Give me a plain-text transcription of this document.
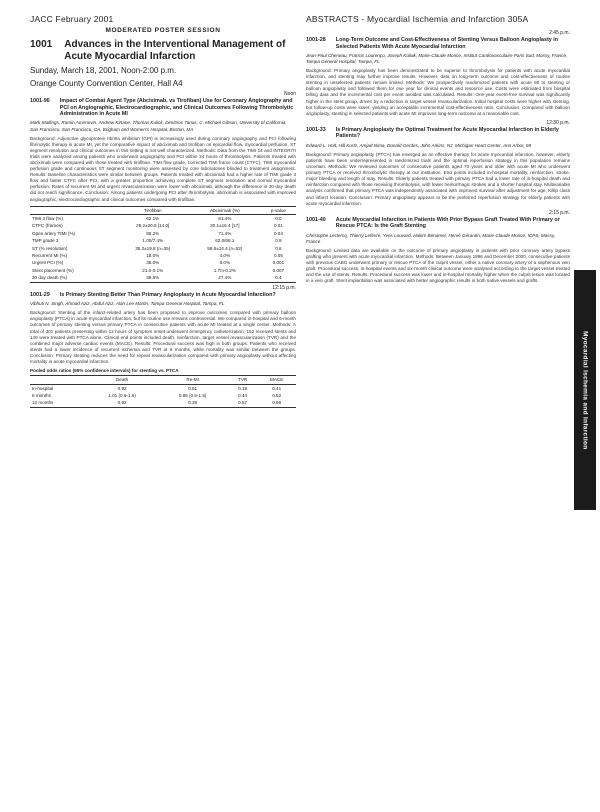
JACC February 2001	ABSTRACTS - Myocardial Ischemia and Infarction 305A
MODERATED POSTER SESSION
1001 Advances in the Interventional Management of Acute Myocardial Infarction
Sunday, March 18, 2001, Noon-2:00 p.m.
Orange County Convention Center, Hall A4
Noon
1001-96 Impact of Combat Agent Type (Abciximab, vs Tirofiban) Use for Coronary Angiography and PCI on Angiographic, Electrocardiographic, and Clinical Outcomes Following Thrombolytic Administration in Acute MI
Mark Stallings, Ramin Amirnovin, Andrew Kirtane, Thomas Kulick, Dimitrios Tanas, C. Michael Gibson, University of California, San Francisco, San Francisco, CA, Brigham and Women's Hospital, Boston, MA

Background: Adjunctive glycoprotein IIb/IIIa inhibition (GPI) is increasingly used during coronary angiography and PCI following fibrinolytic therapy in acute MI, yet the comparative impact of abciximab and tirofiban on epicardial flow, myocardial perfusion, ST segment resolution and clinical outcomes in this setting is not well characterized. Methods: Data from the TIMI 14 and INTEGRITI trials were analyzed among patients who underwent angiography and PCI within 24 hours of thrombolysis. Patients treated with abciximab were compared with those treated with tirofiban. TIMI flow grade, corrected TIMI frame count (CTFC), TIMI myocardial perfusion grade and continuous ST segment monitoring were assessed by core laboratories blinded to treatment assignment. Results: Baseline characteristics were similar between groups. Patients treated with abciximab had a higher rate of TIMI grade 3 flow and faster CTFC after PCI, with a greater proportion achieving complete ST segment resolution and normal myocardial perfusion. Rates of recurrent MI and urgent revascularization were lower with abciximab, although the difference in 30-day death did not reach significance. Conclusion: Among patients undergoing PCI after thrombolysis, abciximab is associated with improved angiographic, electrocardiographic and clinical outcomes compared with tirofiban.

	Tirofiban	Abciximab (%)	p-value
TIMI 3 flow (%)	62.1%	81.4%	0.0
CTFC (frames)	25.2±20.8 [14.0]	20.1±16.4 [17]	0.01
Open artery TIMI (%)	88.2%	71.4%	0.04
TMP grade 3	1.00/7.4%	62.0/68.1	0.9
ST (% resolution)	35.2±19.8 (n=35)	59.6±14.4 (n=52)	0.6
Recurrent MI (%)	18.0%	4.0%	0.05
Urgent PCI (%)	35.0%	8.0%	0.001
Stent placement (%)	21.0-0.1%	1.7m-0.2%	0.007
30 day death (%)	36.6%	27.4%	0.4
12:15 p.m.
1001-29 Is Primary Stenting Better Than Primary Angioplasty in Acute Myocardial Infarction?
Vibhuti N. Singh, Ahmad Aziz, Abdul Aziz, Alan Lee Martin, Tampa General Hospital, Tampa, FL

Background: Stenting of the infarct-related artery has been proposed to improve outcomes compared with primary balloon angioplasty (PTCA) in acute myocardial infarction, but its routine use remains controversial. We compared in-hospital and 6-month outcomes of primary stenting versus primary PTCA in consecutive patients with acute MI treated at a single center. Methods: A total of 301 patients presenting within 12 hours of symptom onset underwent emergency catheterization; 152 received stents and 149 were treated with PTCA alone. Clinical end points included death, reinfarction, target vessel revascularization (TVR) and the combined major adverse cardiac events (MACE). Results: Procedural success was high in both groups. Patients who received stents had a lower incidence of recurrent ischemia and TVR at 6 months, while mortality was similar between the groups. Conclusion: Primary stenting reduces the need for repeat revascularization compared with primary angioplasty without affecting mortality in acute myocardial infarction.

Pooled odds ratios (95% confidence intervals) for stenting vs. PTCA
	Death	Re-MI	TVR	MACE
In-hospital	0.92	0.51	0.19	0.41
6 months	1.01 (0.6-1.6)	0.85 (0.5-1.5)	0.44	0.52
12 months	0.92	0.29	0.57	0.68
2:45 p.m.
1001-28 Long-Term Outcome and Cost-Effectiveness of Stenting Versus Balloon Angioplasty in Selected Patients With Acute Myocardial Infarction
Jean-Paul Cheneau, Francis Lourenço, Joseph Kuliak, Marie-Claude Morice, Institut Cardiovasculaire Paris Sud, Massy, France, Tampa General Hospital, Tampa, FL

Background: Primary angioplasty has been demonstrated to be superior to thrombolysis for patients with acute myocardial infarction, and stenting may further improve results. However, data on long-term outcome and cost-effectiveness of routine stenting in unselected patients remain limited. Methods: We prospectively randomized patients with acute MI to stenting or balloon angioplasty and followed them for one year for clinical events and resource use. Costs were estimated from hospital billing data and the incremental cost per event avoided was calculated. Results: One-year event-free survival was significantly higher in the stent group, driven by a reduction in target vessel revascularization. Initial hospital costs were higher with stenting, but follow-up costs were lower, yielding an acceptable incremental cost-effectiveness ratio. Conclusion: Compared with balloon angioplasty, stenting in selected patients with acute MI improves long-term outcome at a reasonable cost.

12:30 p.m.
1001-33 Is Primary Angioplasty the Optimal Treatment for Acute Myocardial Infarction in Elderly Patients?
Edward L. Holt, Hill Kurtz, Amjad Nima, Donald Gerdes, John Arkins, NJ, Michigan Heart Center, Ann Arbor, MI

Background: Primary angioplasty (PTCA) has emerged as an effective therapy for acute myocardial infarction, however, elderly patients have been underrepresented in randomized trials and the optimal reperfusion strategy in this population remains uncertain. Methods: We reviewed outcomes of consecutive patients aged 70 years and older with acute MI who underwent primary PTCA or received thrombolytic therapy at our institution. End points included in-hospital mortality, reinfarction, stroke, major bleeding and length of stay. Results: Elderly patients treated with primary PTCA had a lower rate of in-hospital death and reinfarction compared with those receiving thrombolysis, with fewer hemorrhagic strokes and a shorter hospital stay. Multivariable analysis confirmed that primary PTCA was independently associated with improved survival after adjustment for age, Killip class and infarct location. Conclusion: Primary angioplasty appears to be the preferred reperfusion strategy for elderly patients with acute myocardial infarction.

2:15 p.m.
1001-40 Acute Myocardial Infarction in Patients With Prior Bypass Graft Treated With Primary or Rescue PTCA: Is the Graft Stenting
Christophe Leclercq, Thierry Lefèvre, Yves Louvard, Hakim Benamer, Hervé Gérardin, Marie-Claude Morice, ICPS, Massy, France

Background: Limited data are available on the outcome of primary angioplasty in patients with prior coronary artery bypass grafting who present with acute myocardial infarction. Methods: Between January 1996 and December 2000, consecutive patients with previous CABG underwent primary or rescue PTCA of the culprit vessel, either a native coronary artery or a saphenous vein graft. Procedural success, in-hospital events and six-month clinical outcome were analysed according to the target vessel treated and the use of stents. Results: Procedural success was lower and in-hospital mortality higher when the culprit lesion was located in a vein graft. Stent implantation was associated with better angiographic results in both native vessels and grafts.

Myocardial Ischemia and Infarction
